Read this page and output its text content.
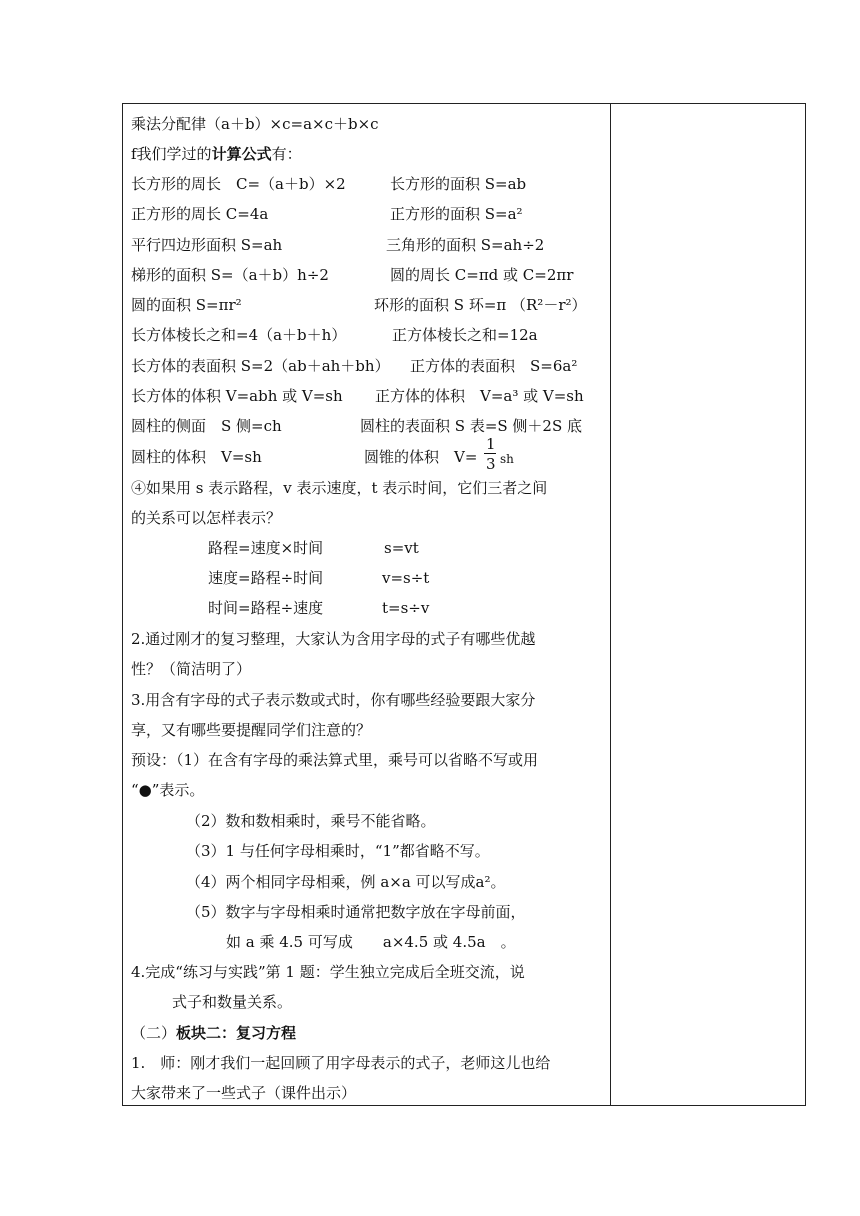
乘法分配律（a＋b）×c=a×c＋b×c
f我们学过的计算公式有：
长方形的周长　C=（a＋b）×2	长方形的面积 S=ab
正方形的周长 C=4a	正方形的面积 S=a²
平行四边形面积 S=ah	三角形的面积 S=ah÷2
梯形的面积 S=（a＋b）h÷2	圆的周长 C=πd 或 C=2πr
圆的面积 S=πr²	环形的面积 S 环=π （R²－r²）
长方体棱长之和=4（a＋b＋h）	正方体棱长之和=12a
长方体的表面积 S=2（ab＋ah＋bh） 正方体的表面积　S=6a²
长方体的体积 V=abh 或 V=sh 正方体的体积　V=a³ 或 V=sh
圆柱的侧面　S 侧=ch	圆柱的表面积 S 表=S 侧＋2S 底
圆柱的体积　V=sh	圆锥的体积　V=
1
3 sh
④如果用 s 表示路程，v 表示速度，t 表示时间，它们三者之间
的关系可以怎样表示？
路程=速度×时间	s=vt
速度=路程÷时间	v=s÷t
时间=路程÷速度	t=s÷v
2.通过刚才的复习整理，大家认为含用字母的式子有哪些优越
性？（简洁明了）
3.用含有字母的式子表示数或式时，你有哪些经验要跟大家分
享，又有哪些要提醒同学们注意的？
预设：（1）在含有字母的乘法算式里，乘号可以省略不写或用
“●”表示。
（2）数和数相乘时，乘号不能省略。
（3）1 与任何字母相乘时，“1”都省略不写。
（4）两个相同字母相乘，例 a×a 可以写成a²。
（5）数字与字母相乘时通常把数字放在字母前面，
如 a 乘 4.5 可写成　　a×4.5 或 4.5a　。
4.完成“练习与实践”第 1 题：学生独立完成后全班交流，说
式子和数量关系。
（二）板块二：复习方程
1.　师：刚才我们一起回顾了用字母表示的式子，老师这儿也给
大家带来了一些式子（课件出示）
